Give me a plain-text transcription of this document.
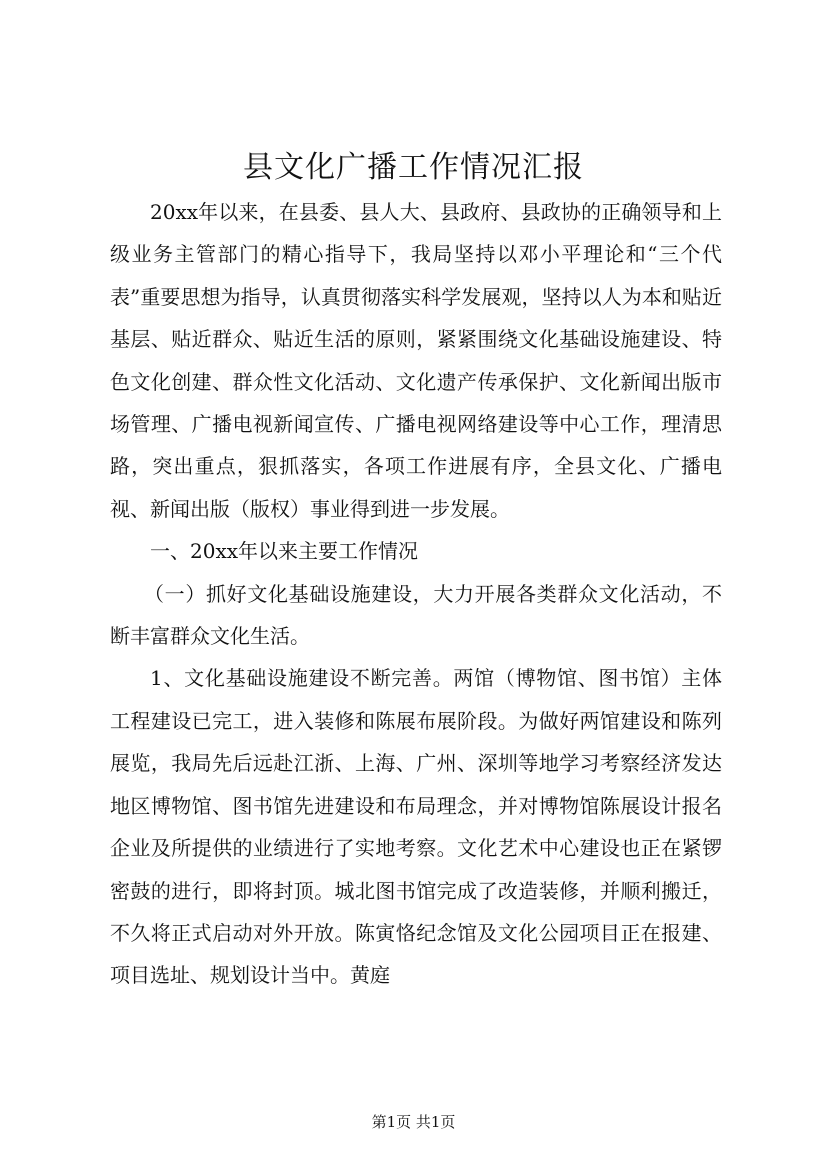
县文化广播工作情况汇报

20xx年以来，在县委、县人大、县政府、县政协的正确领导和上级业务主管部门的精心指导下，我局坚持以邓小平理论和“三个代表”重要思想为指导，认真贯彻落实科学发展观，坚持以人为本和贴近基层、贴近群众、贴近生活的原则，紧紧围绕文化基础设施建设、特色文化创建、群众性文化活动、文化遗产传承保护、文化新闻出版市场管理、广播电视新闻宣传、广播电视网络建设等中心工作，理清思路，突出重点，狠抓落实，各项工作进展有序，全县文化、广播电视、新闻出版（版权）事业得到进一步发展。

一、20xx年以来主要工作情况

（一）抓好文化基础设施建设，大力开展各类群众文化活动，不断丰富群众文化生活。

1、文化基础设施建设不断完善。两馆（博物馆、图书馆）主体工程建设已完工，进入装修和陈展布展阶段。为做好两馆建设和陈列展览，我局先后远赴江浙、上海、广州、深圳等地学习考察经济发达地区博物馆、图书馆先进建设和布局理念，并对博物馆陈展设计报名企业及所提供的业绩进行了实地考察。文化艺术中心建设也正在紧锣密鼓的进行，即将封顶。城北图书馆完成了改造装修，并顺利搬迁，不久将正式启动对外开放。陈寅恪纪念馆及文化公园项目正在报建、项目选址、规划设计当中。黄庭

第1页 共1页
